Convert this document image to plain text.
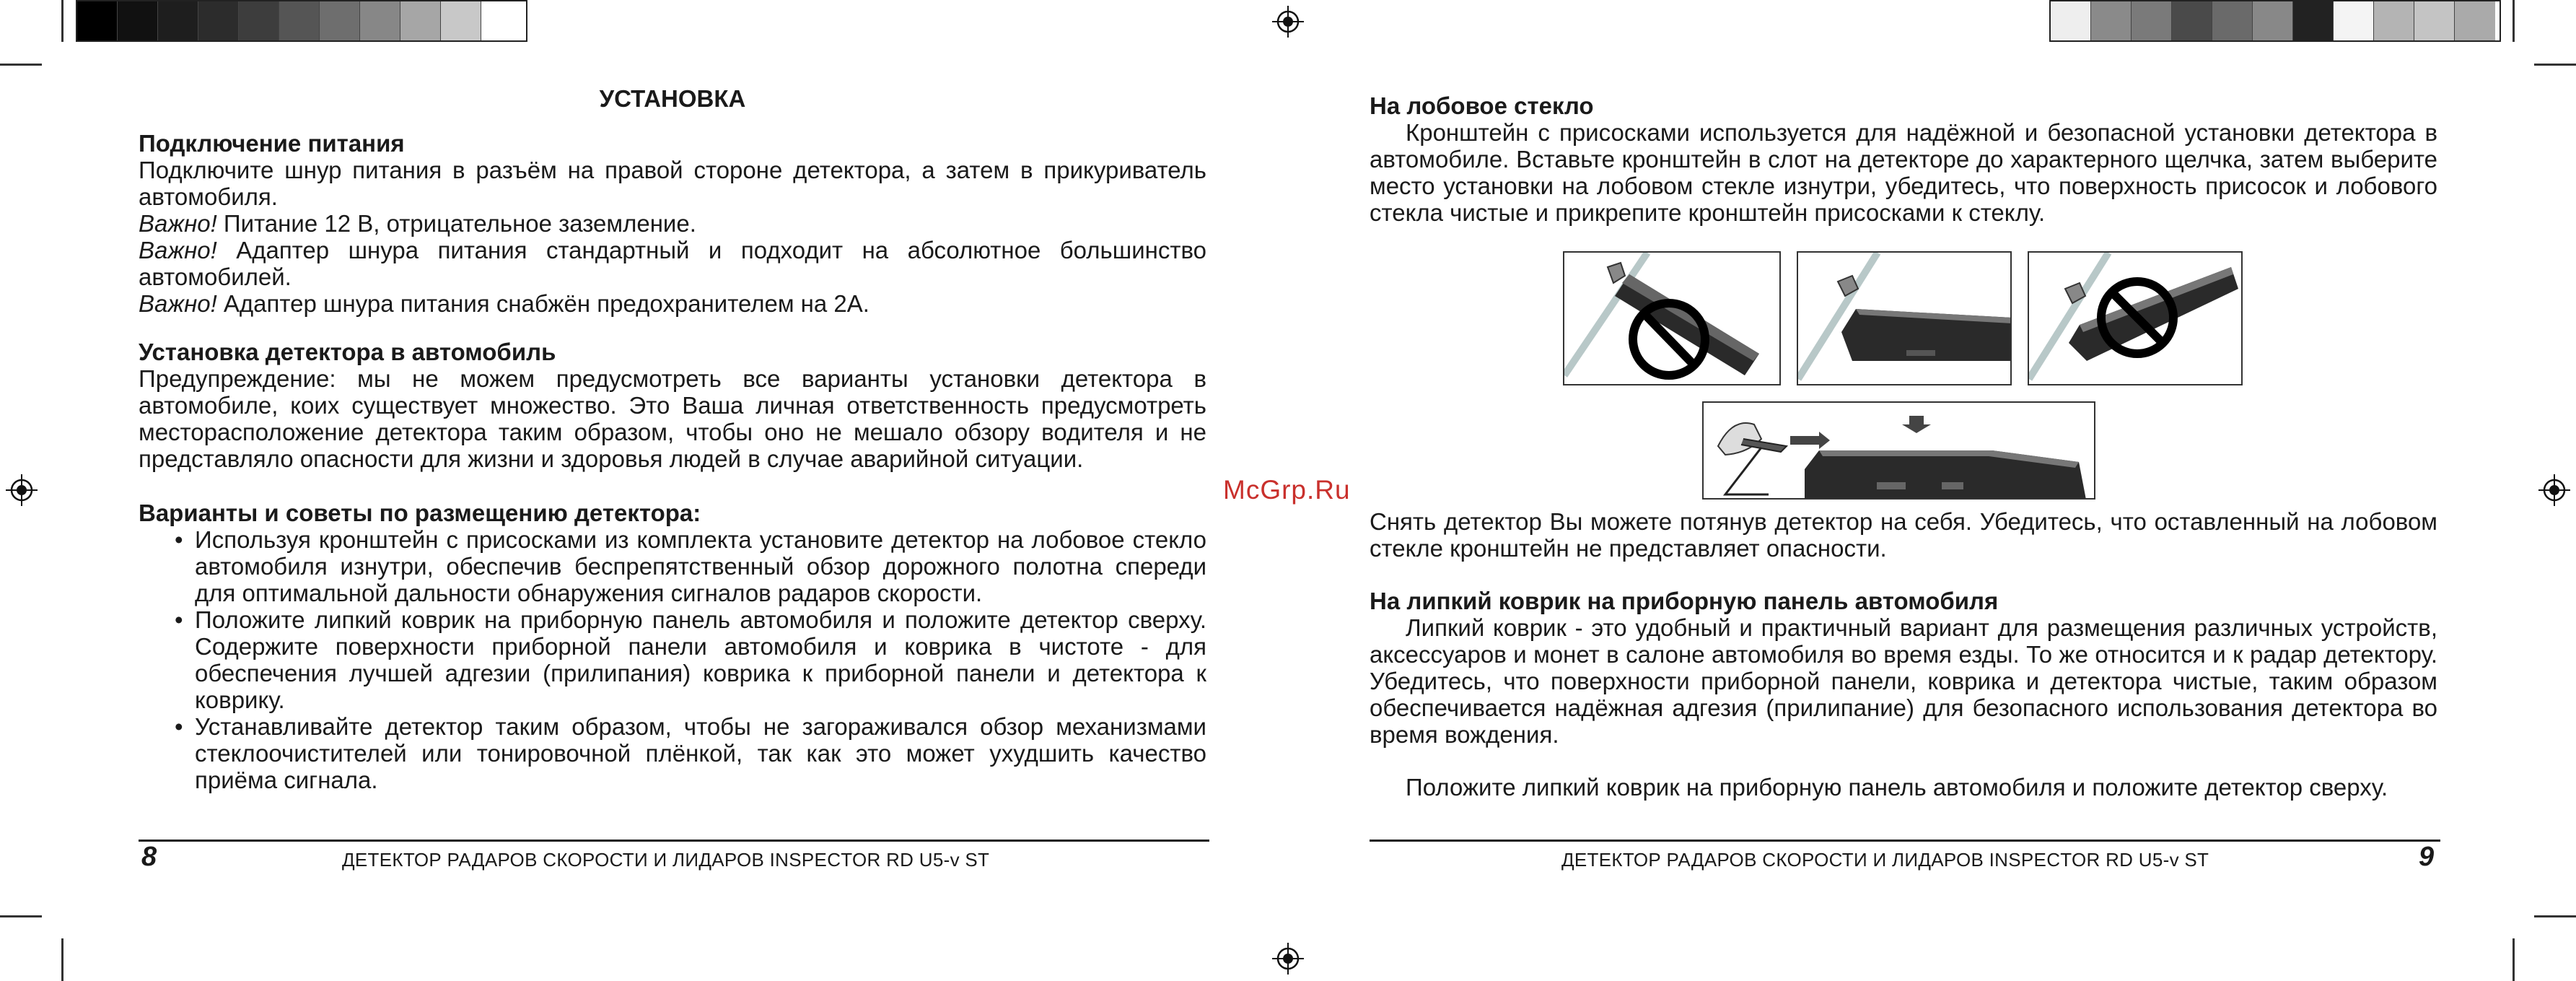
УСТАНОВКА

Подключение питания

Подключите шнур питания в разъём на правой стороне детектора, а затем в прикуриватель автомобиля.

Важно! Питание 12 В, отрицательное заземление.

Важно! Адаптер шнура питания стандартный и подходит на абсолютное большинство автомобилей.

Важно! Адаптер шнура питания снабжён предохранителем на 2А.

Установка детектора в автомобиль

Предупреждение: мы не можем предусмотреть все варианты установки детектора в автомобиле, коих существует множество. Это Ваша личная ответственность предусмотреть месторасположение детектора таким образом, чтобы оно не мешало обзору водителя и не представляло опасности для жизни и здоровья людей в случае аварийной ситуации.

Варианты и советы по размещению детектора:

• Используя кронштейн с присосками из комплекта установите детектор на лобовое стекло автомобиля изнутри, обеспечив беспрепятственный обзор дорожного полотна спереди для оптимальной дальности обнаружения сигналов радаров скорости.
• Положите липкий коврик на приборную панель автомобиля и положите детектор сверху. Содержите поверхности приборной панели автомобиля и коврика в чистоте - для обеспечения лучшей адгезии (прилипания) коврика к приборной панели и детектора к коврику.
• Устанавливайте детектор таким образом, чтобы не загораживался обзор механизмами стеклоочистителей или тонировочной плёнкой, так как это может ухудшить качество приёма сигнала.
8	ДЕТЕКТОР РАДАРОВ СКОРОСТИ И ЛИДАРОВ INSPECTOR RD U5-v ST

На лобовое стекло

Кронштейн с присосками используется для надёжной и безопасной установки детектора в автомобиле. Вставьте кронштейн в слот на детекторе до характерного щелчка, затем выберите место установки на лобовом стекле изнутри, убедитесь, что поверхность присосок и лобового стекла чистые и прикрепите кронштейн присосками к стеклу.

Снять детектор Вы можете потянув детектор на себя. Убедитесь, что оставленный на лобовом стекле кронштейн не представляет опасности.

На липкий коврик на приборную панель автомобиля

Липкий коврик - это удобный и практичный вариант для размещения различных устройств, аксессуаров и монет в салоне автомобиля во время езды. То же относится и к радар детектору. Убедитесь, что поверхности приборной панели, коврика и детектора чистые, таким образом обеспечивается надёжная адгезия (прилипание) для безопасного использования детектора во время вождения.

Положите липкий коврик на приборную панель автомобиля и положите детектор сверху.

ДЕТЕКТОР РАДАРОВ СКОРОСТИ И ЛИДАРОВ INSPECTOR RD U5-v ST	9
McGrp.Ru
